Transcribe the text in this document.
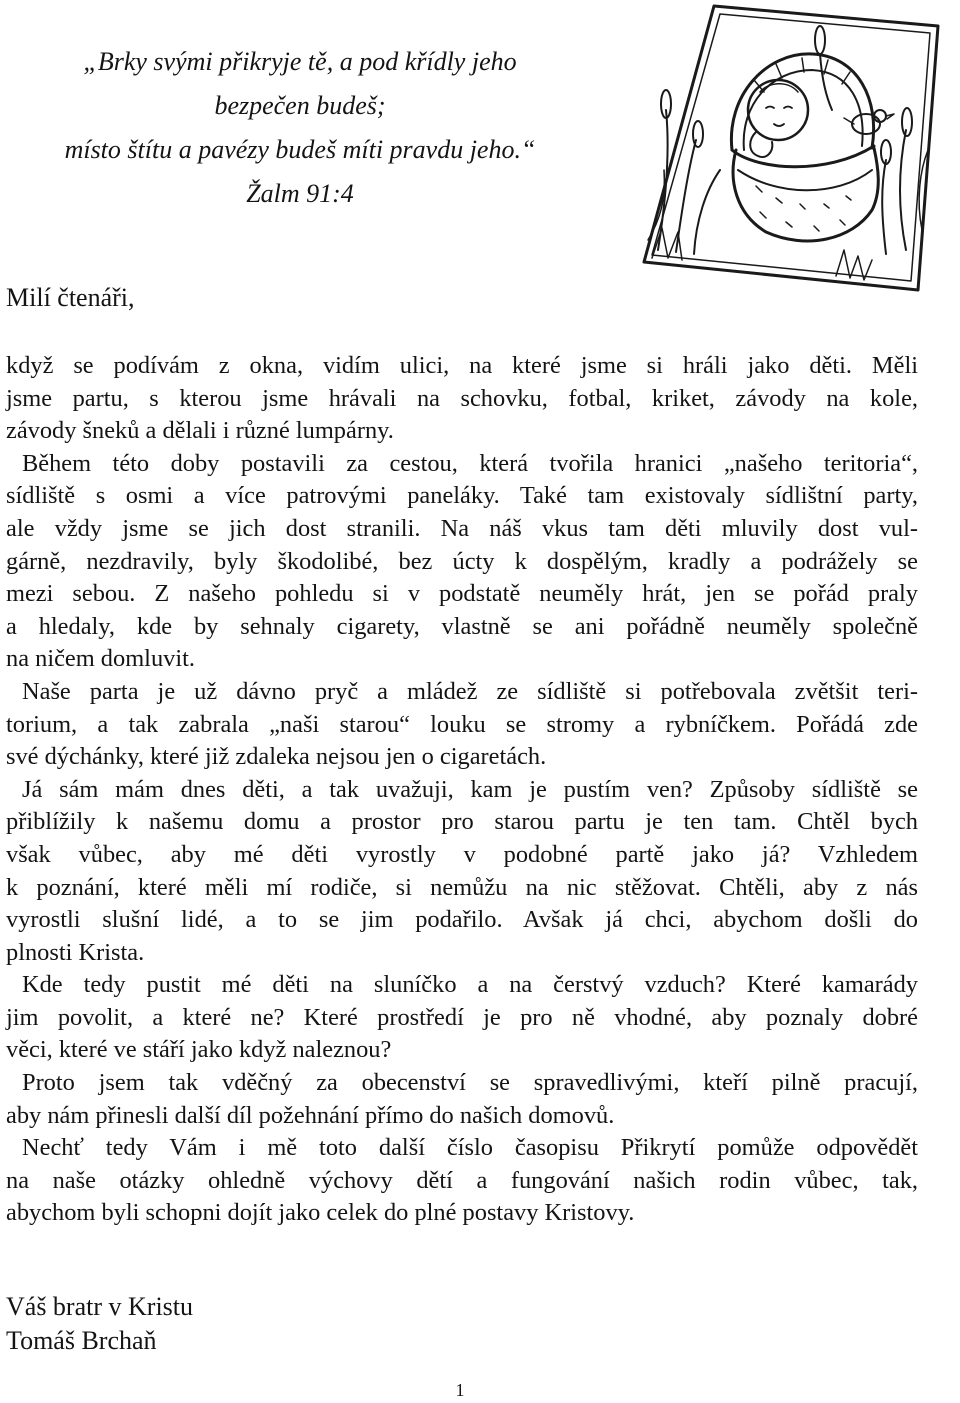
„Brky svými přikryje tě, a pod křídly jeho
bezpečen budeš;
místo štítu a pavézy budeš míti pravdu jeho.“
Žalm 91:4
Milí čtenáři,
když se podívám z okna, vidím ulici, na které jsme si hráli jako děti. Měli
jsme partu, s kterou jsme hrávali na schovku, fotbal, kriket, závody na kole,
závody šneků a dělali i různé lumpárny.
Během této doby postavili za cestou, která tvořila hranici „našeho teritoria“,
sídliště s osmi a více patrovými paneláky. Také tam existovaly sídlištní party,
ale vždy jsme se jich dost stranili. Na náš vkus tam děti mluvily dost vul-
gárně, nezdravily, byly škodolibé, bez úcty k dospělým, kradly a podrážely se
mezi sebou. Z našeho pohledu si v podstatě neuměly hrát, jen se pořád praly
a hledaly, kde by sehnaly cigarety, vlastně se ani pořádně neuměly společně
na ničem domluvit.
Naše parta je už dávno pryč a mládež ze sídliště si potřebovala zvětšit teri-
torium, a tak zabrala „naši starou“ louku se stromy a rybníčkem. Pořádá zde
své dýchánky, které již zdaleka nejsou jen o cigaretách.
Já sám mám dnes děti, a tak uvažuji, kam je pustím ven? Způsoby sídliště se
přiblížily k našemu domu a prostor pro starou partu je ten tam. Chtěl bych
však vůbec, aby mé děti vyrostly v podobné partě jako já? Vzhledem
k poznání, které měli mí rodiče, si nemůžu na nic stěžovat. Chtěli, aby z nás
vyrostli slušní lidé, a to se jim podařilo. Avšak já chci, abychom došli do
plnosti Krista.
Kde tedy pustit mé děti na sluníčko a na čerstvý vzduch? Které kamarády
jim povolit, a které ne? Které prostředí je pro ně vhodné, aby poznaly dobré
věci, které ve stáří jako když naleznou?
Proto jsem tak vděčný za obecenství se spravedlivými, kteří pilně pracují,
aby nám přinesli další díl požehnání přímo do našich domovů.
Nechť tedy Vám i mě toto další číslo časopisu Přikrytí pomůže odpovědět
na naše otázky ohledně výchovy dětí a fungování našich rodin vůbec, tak,
abychom byli schopni dojít jako celek do plné postavy Kristovy.
Váš bratr v Kristu
Tomáš Brchaň
1
